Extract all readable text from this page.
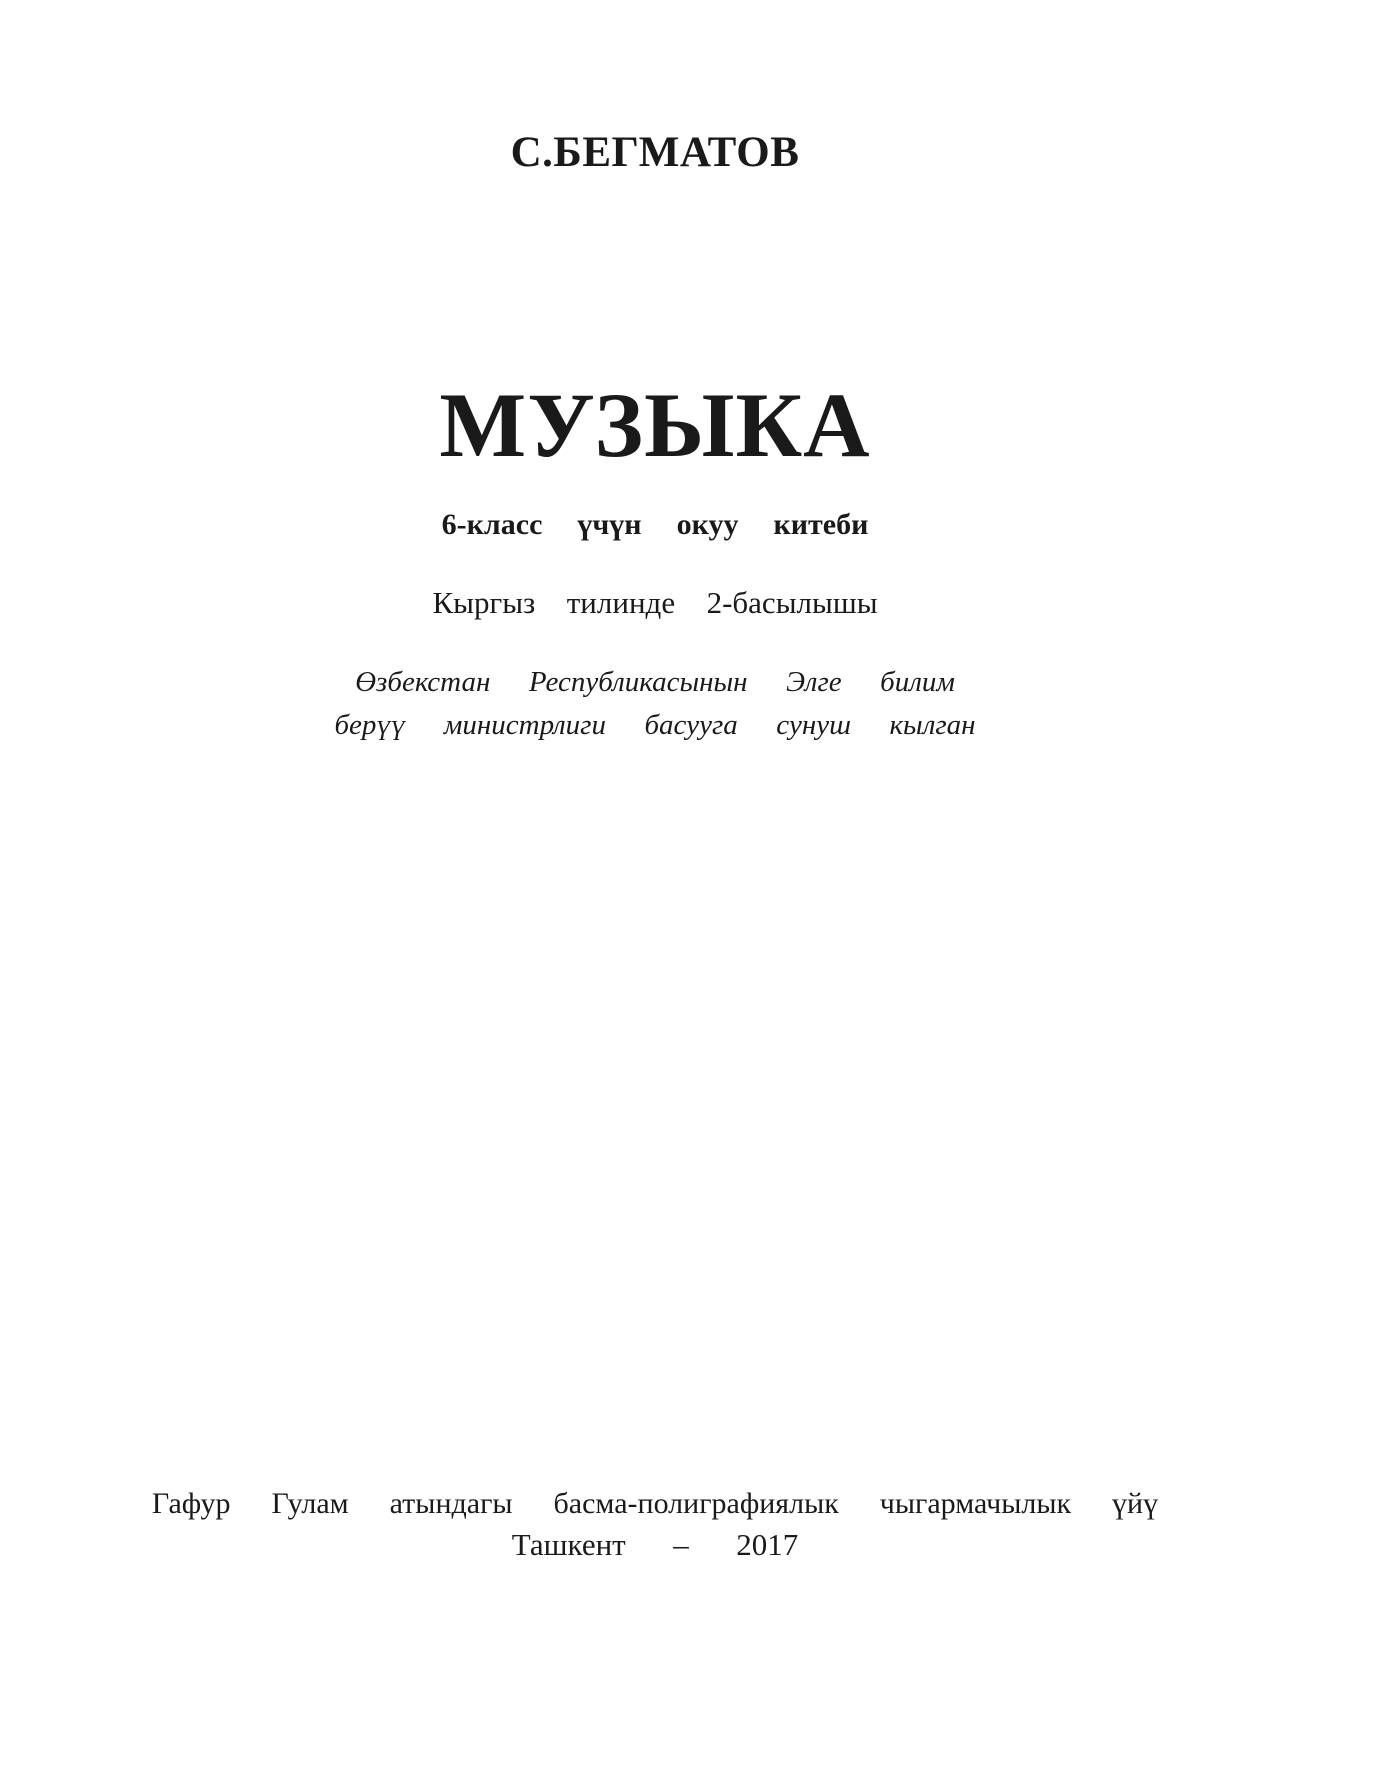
С.БЕГМАТОВ

МУЗЫКА

6-класс  үчүн  окуу  китеби

Кыргыз  тилинде  2-басылышы

Өзбекстан  Республикасынын  Элге  билим

берүү  министрлиги  басууга  сунуш  кылган

Гафур  Гулам  атындагы  басма-полиграфиялык  чыгармачылык  үйү

Ташкент  –  2017
